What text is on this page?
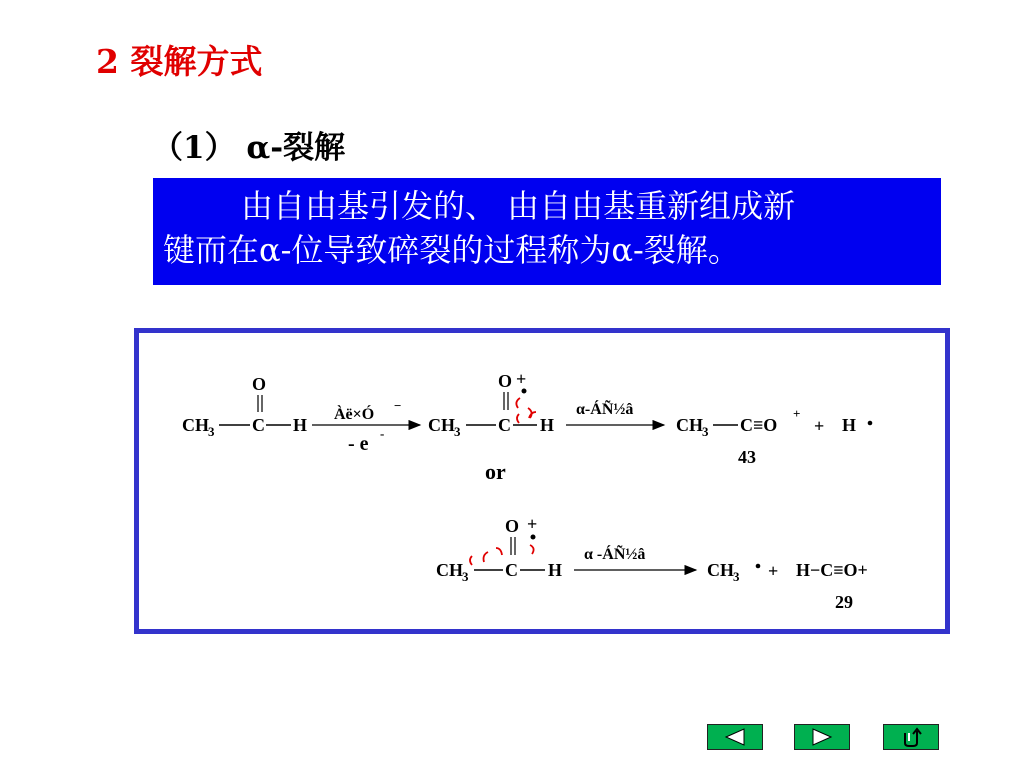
2 裂解方式
（1） α-裂解
由自由基引发的、 由自由基重新组成新
键而在α-位导致碎裂的过程称为α-裂解。
CH 3 C H
O
Àë×Ó
−
- e - CH 3 C H
O +
α-ÁÑ½â
CH 3 C≡O
+
+ H
43
or
CH 3 C H
O +
α -ÁÑ½â
CH 3 + H−C≡O+
29
